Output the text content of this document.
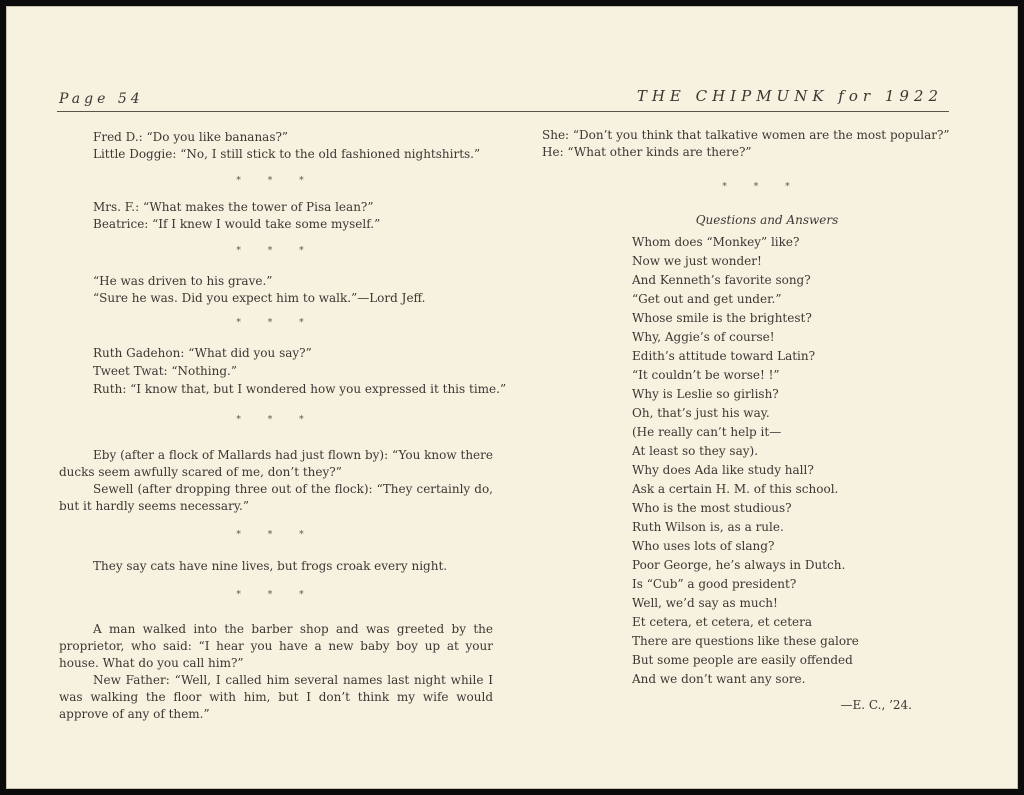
Page 54	THE CHIPMUNK for 1922
Fred D.: “Do you like bananas?”
Little Doggie: “No, I still stick to the old fashioned nightshirts.”
* * *
Mrs. F.: “What makes the tower of Pisa lean?”
Beatrice: “If I knew I would take some myself.”
* * *
“He was driven to his grave.”
“Sure he was. Did you expect him to walk.”—Lord Jeff.
* * *
Ruth Gadehon: “What did you say?”
Tweet Twat: “Nothing.”
Ruth: “I know that, but I wondered how you expressed it this time.”
* * *
Eby (after a flock of Mallards had just flown by): “You know there ducks seem awfully scared of me, don’t they?”
Sewell (after dropping three out of the flock): “They certainly do, but it hardly seems necessary.”
* * *
They say cats have nine lives, but frogs croak every night.
* * *
A man walked into the barber shop and was greeted by the proprietor, who said: “I hear you have a new baby boy up at your house. What do you call him?”
New Father: “Well, I called him several names last night while I was walking the floor with him, but I don’t think my wife would approve of any of them.”
She: “Don’t you think that talkative women are the most popular?”
He: “What other kinds are there?”
* * *
Questions and Answers
Whom does “Monkey” like?
Now we just wonder!
And Kenneth’s favorite song?
“Get out and get under.”
Whose smile is the brightest?
Why, Aggie’s of course!
Edith’s attitude toward Latin?
“It couldn’t be worse! !”
Why is Leslie so girlish?
Oh, that’s just his way.
(He really can’t help it—
At least so they say).
Why does Ada like study hall?
Ask a certain H. M. of this school.
Who is the most studious?
Ruth Wilson is, as a rule.
Who uses lots of slang?
Poor George, he’s always in Dutch.
Is “Cub” a good president?
Well, we’d say as much!
Et cetera, et cetera, et cetera
There are questions like these galore
But some people are easily offended
And we don’t want any sore.
—E. C., ’24.
